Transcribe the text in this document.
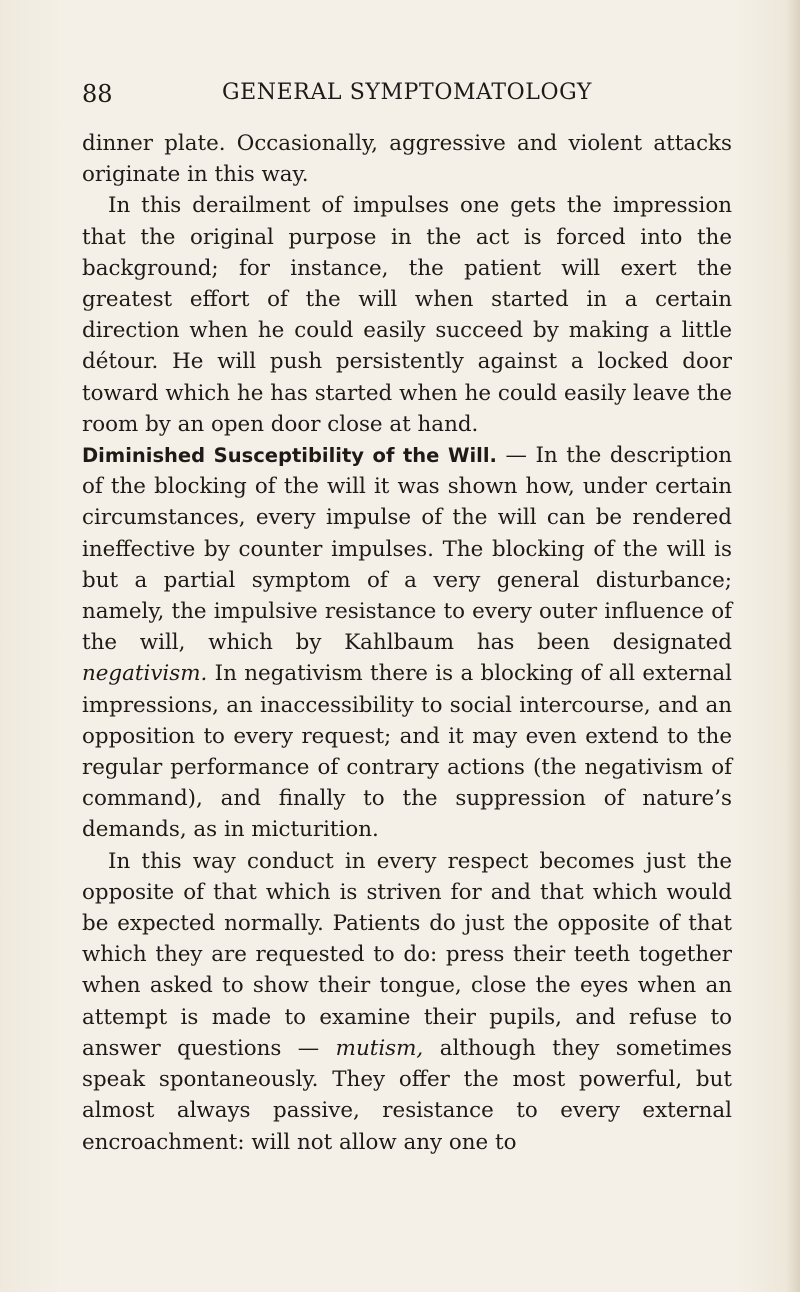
88	GENERAL SYMPTOMATOLOGY

dinner plate. Occasionally, aggressive and violent attacks originate in this way.

In this derailment of impulses one gets the impression that the original purpose in the act is forced into the background; for instance, the patient will exert the greatest effort of the will when started in a certain direction when he could easily succeed by making a little détour. He will push persistently against a locked door toward which he has started when he could easily leave the room by an open door close at hand.

Diminished Susceptibility of the Will. — In the description of the blocking of the will it was shown how, under certain circumstances, every impulse of the will can be rendered ineffective by counter impulses. The blocking of the will is but a partial symptom of a very general disturbance; namely, the impulsive resistance to every outer influence of the will, which by Kahlbaum has been designated negativism. In negativism there is a blocking of all external impressions, an inaccessibility to social intercourse, and an opposition to every request; and it may even extend to the regular performance of contrary actions (the negativism of command), and finally to the suppression of nature’s demands, as in micturition.

In this way conduct in every respect becomes just the opposite of that which is striven for and that which would be expected normally. Patients do just the opposite of that which they are requested to do: press their teeth together when asked to show their tongue, close the eyes when an attempt is made to examine their pupils, and refuse to answer questions — mutism, although they sometimes speak spontaneously. They offer the most powerful, but almost always passive, resistance to every external encroachment: will not allow any one to
